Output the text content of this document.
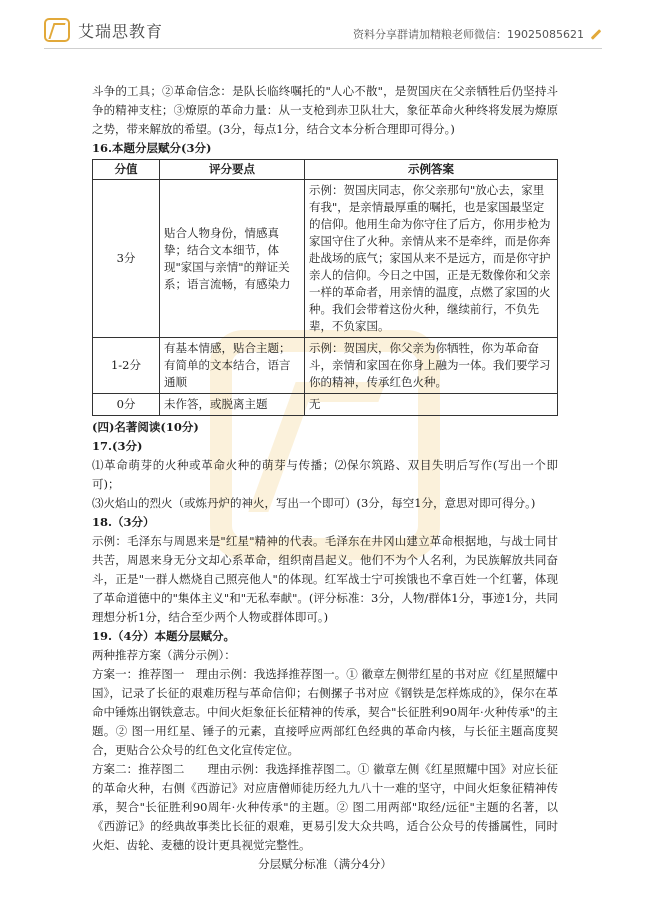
艾瑞思教育	资料分享群请加精粮老师微信：19025085621

斗争的工具；②革命信念：是队长临终嘱托的"人心不散"，是贺国庆在父亲牺牲后仍坚持斗争的精神支柱；③燎原的革命力量：从一支枪到赤卫队壮大，象征革命火种终将发展为燎原之势，带来解放的希望。(3分，每点1分，结合文本分析合理即可得分。)

16.本题分层赋分(3分)

分值	评分要点	示例答案
3分	贴合人物身份，情感真挚；结合文本细节，体现"家国与亲情"的辩证关系；语言流畅，有感染力	示例：贺国庆同志，你父亲那句"放心去，家里有我"，是亲情最厚重的嘱托，也是家国最坚定的信仰。他用生命为你守住了后方，你用步枪为家国守住了火种。亲情从来不是牵绊，而是你奔赴战场的底气；家国从来不是远方，而是你守护亲人的信仰。今日之中国，正是无数像你和父亲一样的革命者，用亲情的温度，点燃了家国的火种。我们会带着这份火种，继续前行，不负先辈，不负家国。
1-2分	有基本情感，贴合主题；有简单的文本结合，语言通顺	示例：贺国庆，你父亲为你牺牲，你为革命奋斗，亲情和家国在你身上融为一体。我们要学习你的精神，传承红色火种。
0分	未作答，或脱离主题	无

(四)名著阅读(10分)

17.(3分)

⑴革命萌芽的火种或革命火种的萌芽与传播；⑵保尔筑路、双目失明后写作(写出一个即可)；

⑶火焰山的烈火（或炼丹炉的神火，写出一个即可）(3分，每空1分，意思对即可得分。)

18.（3分）

示例：毛泽东与周恩来是"红星"精神的代表。毛泽东在井冈山建立革命根据地，与战士同甘共苦，周恩来身无分文却心系革命，组织南昌起义。他们不为个人名利，为民族解放共同奋斗，正是"一群人燃烧自己照亮他人"的体现。红军战士宁可挨饿也不拿百姓一个红薯，体现了革命道德中的"集体主义"和"无私奉献"。(评分标准：3分，人物/群体1分，事迹1分，共同理想分析1分，结合至少两个人物或群体即可。)

19.（4分）本题分层赋分。

两种推荐方案（满分示例）：

方案一：推荐图一　理由示例：我选择推荐图一。① 徽章左侧带红星的书对应《红星照耀中国》，记录了长征的艰难历程与革命信仰；右侧摞子书对应《钢铁是怎样炼成的》，保尔在革命中锤炼出钢铁意志。中间火炬象征长征精神的传承，契合"长征胜利90周年·火种传承"的主题。② 图一用红星、锤子的元素，直接呼应两部红色经典的革命内核，与长征主题高度契合，更贴合公众号的红色文化宣传定位。

方案二：推荐图二　　理由示例：我选择推荐图二。① 徽章左侧《红星照耀中国》对应长征的革命火种，右侧《西游记》对应唐僧师徒历经九九八十一难的坚守，中间火炬象征精神传承，契合"长征胜利90周年·火种传承"的主题。② 图二用两部"取经/远征"主题的名著，以《西游记》的经典故事类比长征的艰难，更易引发大众共鸣，适合公众号的传播属性，同时火炬、齿轮、麦穗的设计更具视觉完整性。

分层赋分标准（满分4分）
